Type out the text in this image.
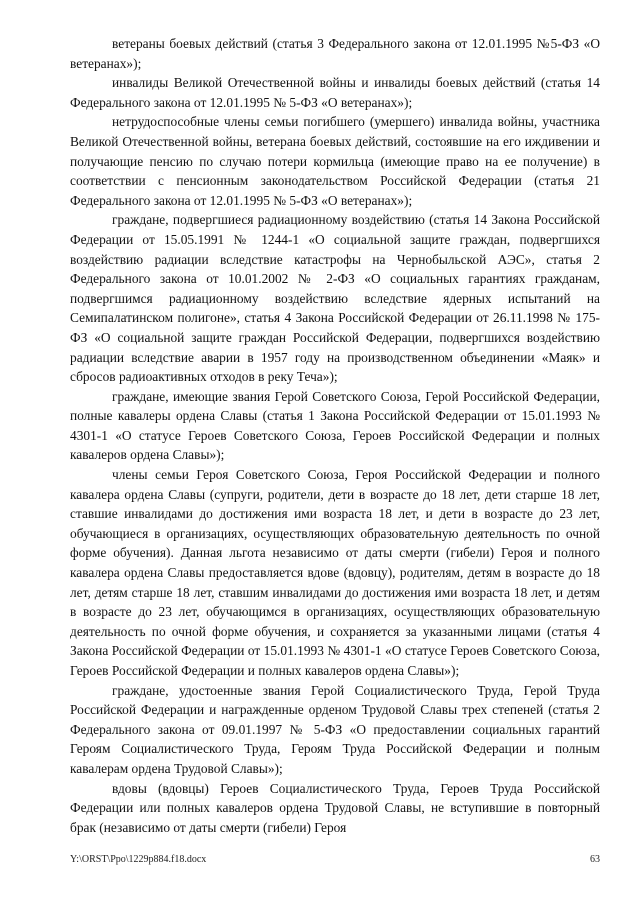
ветераны боевых действий (статья 3 Федерального закона от 12.01.1995 №5-ФЗ «О ветеранах»);

инвалиды Великой Отечественной войны и инвалиды боевых действий (статья 14 Федерального закона от 12.01.1995 № 5-ФЗ «О ветеранах»);

нетрудоспособные члены семьи погибшего (умершего) инвалида войны, участника Великой Отечественной войны, ветерана боевых действий, состоявшие на его иждивении и получающие пенсию по случаю потери кормильца (имеющие право на ее получение) в соответствии с пенсионным законодательством Российской Федерации (статья 21 Федерального закона от 12.01.1995 № 5-ФЗ «О ветеранах»);

граждане, подвергшиеся радиационному воздействию (статья 14 Закона Российской Федерации от 15.05.1991 № 1244-1 «О социальной защите граждан, подвергшихся воздействию радиации вследствие катастрофы на Чернобыльской АЭС», статья 2 Федерального закона от 10.01.2002 № 2-ФЗ «О социальных гарантиях гражданам, подвергшимся радиационному воздействию вследствие ядерных испытаний на Семипалатинском полигоне», статья 4 Закона Российской Федерации от 26.11.1998 № 175-ФЗ «О социальной защите граждан Российской Федерации, подвергшихся воздействию радиации вследствие аварии в 1957 году на производственном объединении «Маяк» и сбросов радиоактивных отходов в реку Теча»);

граждане, имеющие звания Герой Советского Союза, Герой Российской Федерации, полные кавалеры ордена Славы (статья 1 Закона Российской Федерации от 15.01.1993 № 4301-1 «О статусе Героев Советского Союза, Героев Российской Федерации и полных кавалеров ордена Славы»);

члены семьи Героя Советского Союза, Героя Российской Федерации и полного кавалера ордена Славы (супруги, родители, дети в возрасте до 18 лет, дети старше 18 лет, ставшие инвалидами до достижения ими возраста 18 лет, и дети в возрасте до 23 лет, обучающиеся в организациях, осуществляющих образовательную деятельность по очной форме обучения). Данная льгота независимо от даты смерти (гибели) Героя и полного кавалера ордена Славы предоставляется вдове (вдовцу), родителям, детям в возрасте до 18 лет, детям старше 18 лет, ставшим инвалидами до достижения ими возраста 18 лет, и детям в возрасте до 23 лет, обучающимся в организациях, осуществляющих образовательную деятельность по очной форме обучения, и сохраняется за указанными лицами (статья 4 Закона Российской Федерации от 15.01.1993 № 4301-1 «О статусе Героев Советского Союза, Героев Российской Федерации и полных кавалеров ордена Славы»);

граждане, удостоенные звания Герой Социалистического Труда, Герой Труда Российской Федерации и награжденные орденом Трудовой Славы трех степеней (статья 2 Федерального закона от 09.01.1997 № 5-ФЗ «О предоставлении социальных гарантий Героям Социалистического Труда, Героям Труда Российской Федерации и полным кавалерам ордена Трудовой Славы»);

вдовы (вдовцы) Героев Социалистического Труда, Героев Труда Российской Федерации или полных кавалеров ордена Трудовой Славы, не вступившие в повторный брак (независимо от даты смерти (гибели) Героя

Y:\ORST\Ppo\1229p884.f18.docx	63
